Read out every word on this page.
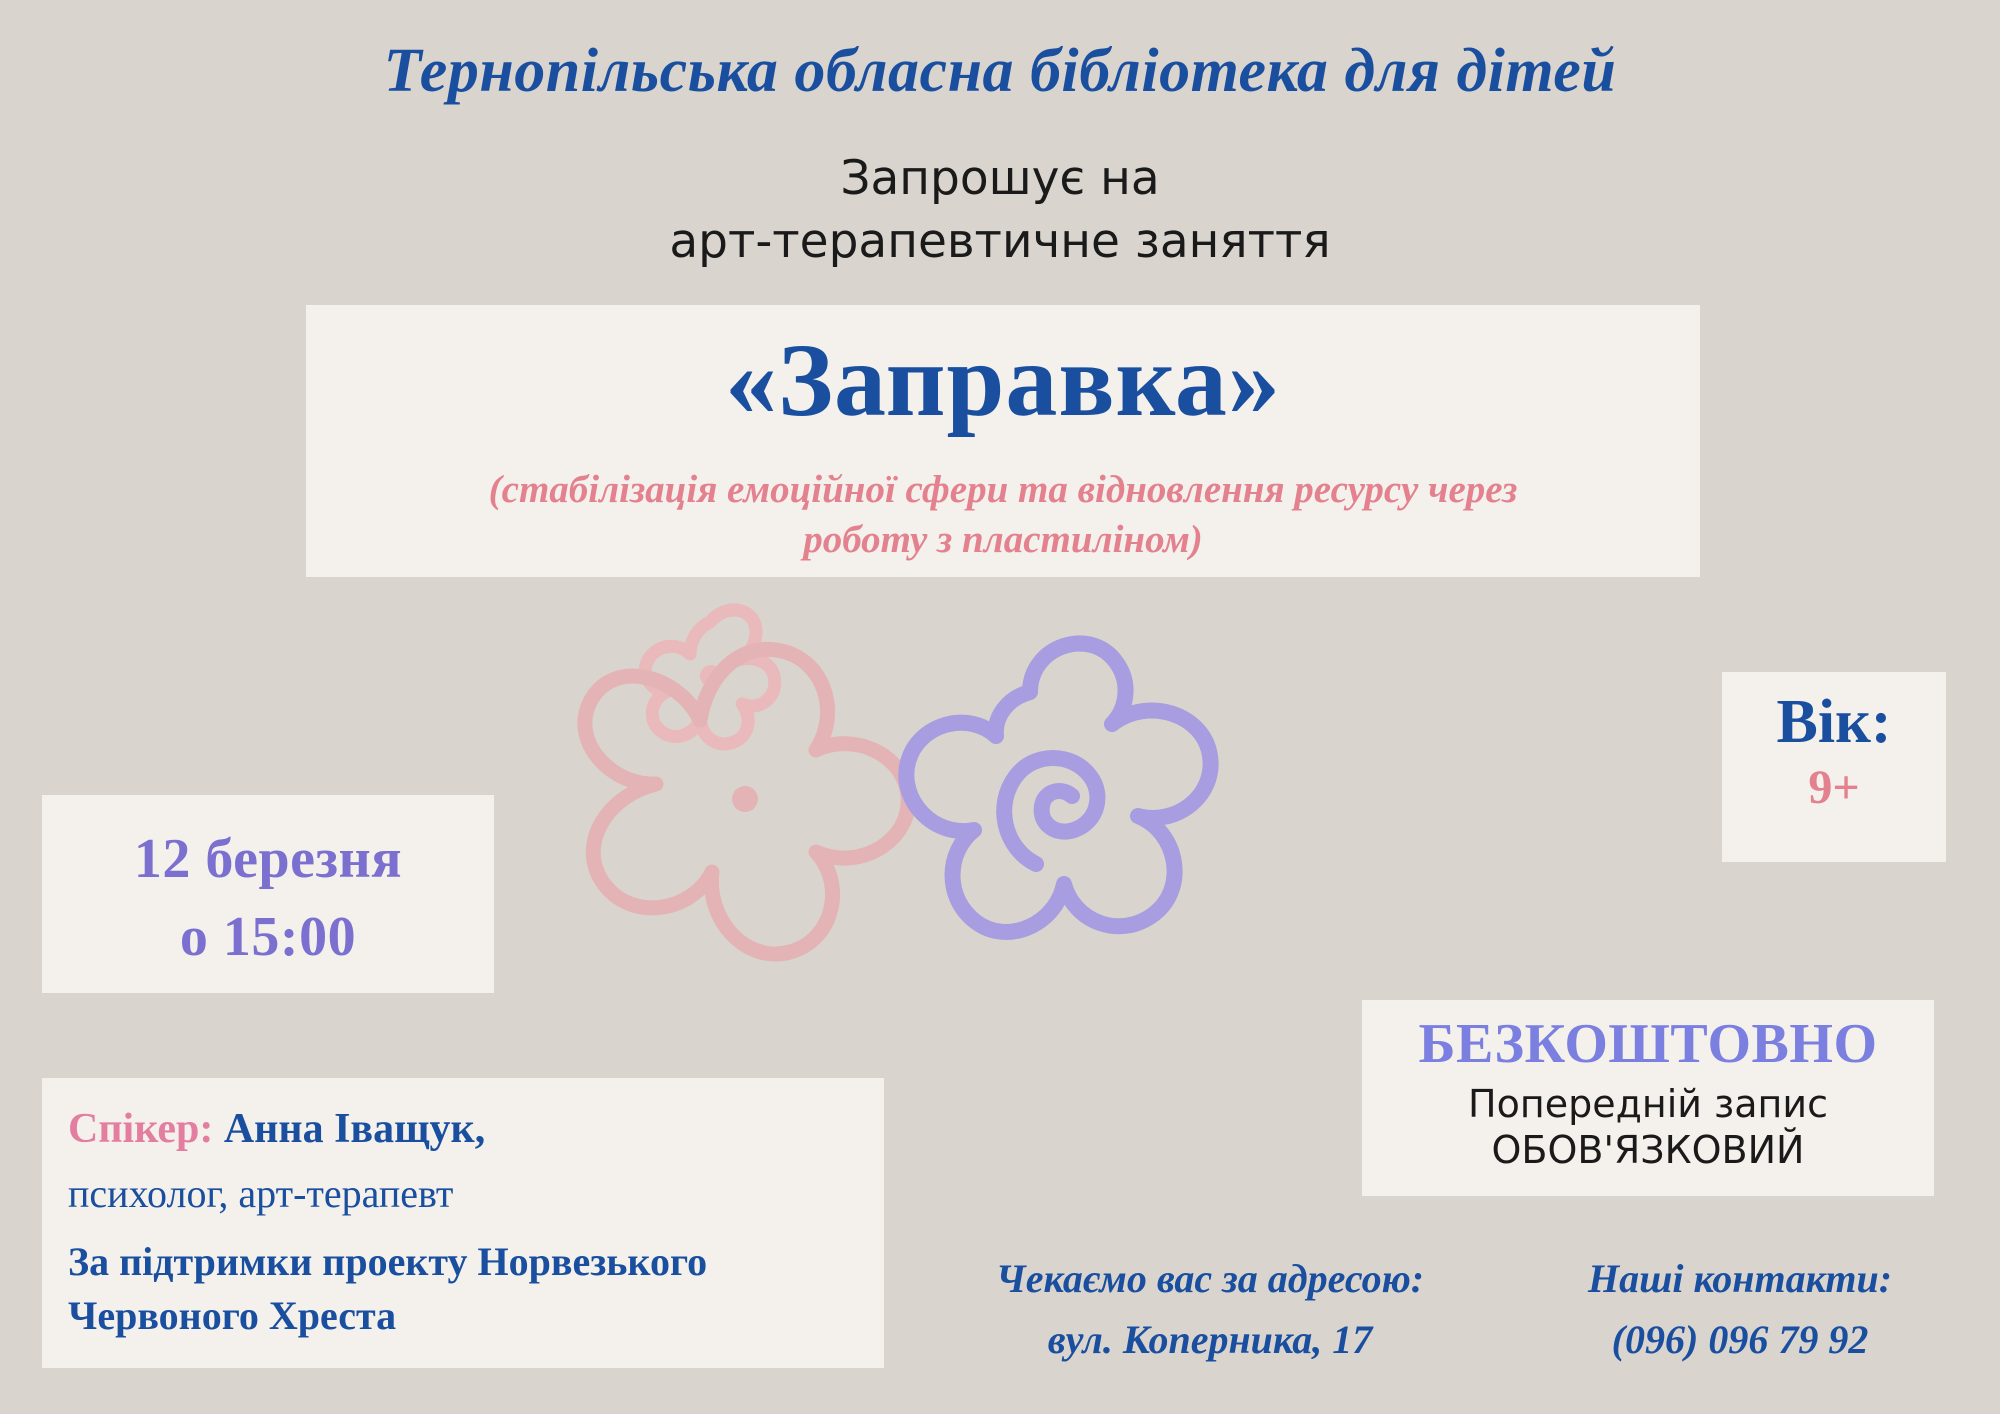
Тернопільська обласна бібліотека для дітей
Запрошує на
арт-терапевтичне заняття
«Заправка»
(стабілізація емоційної сфери та відновлення ресурсу через
роботу з пластиліном)
Вік:
9+
12 березня
о 15:00
Спікер: Анна Іващук,
психолог, арт-терапевт
За підтримки проекту Норвезького
Червоного Хреста
БЕЗКОШТОВНО
Попередній запис
ОБОВ'ЯЗКОВИЙ
Чекаємо вас за адресою:
вул. Коперника, 17
Наші контакти:
(096) 096 79 92
